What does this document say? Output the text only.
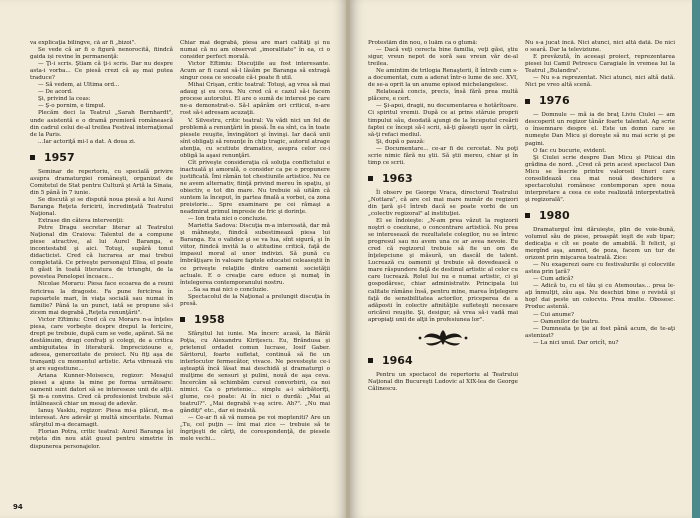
va explicaţia bilingve, că ar fi „bizoi".

Se vede că ar fi o figură nenorocită, fiindcă gaida iși revine în permanenţă:

— Ţi-i scris. Ştiam că ţi-i scris. Dar nu despre asta-i vorba... Ce piesă crezi că aş mai putea traduce?

— Să vedem, ai Ultima ord...

— De acord.

Şi, privind la ceas:

— Ş-o pornim, e timpul.

Plecăm deci la Teatrul „Sarah Bernhardt", unde asistentă e o dramă premieră românească din cadrul celui de-al treilea Festival internaţional de la Paris.

...Iar actoriţă mi-l a dat. A doua zi.

1957

Seminar de repertoriu, cu specială privire asupra dramaturgiei româneşti, organizat de Comitetul de Stat pentru Cultură şi Artă la Sinaia, din 5 până în 7 iunie.

Se discută şi se dispută noua piesă a lui Aurel Baranga Reţeta fericirii, încredinţată Teatrului Naţional.

Extrase din câteva intervenţii:

Petre Dragu secretar literar al Teatrului Naţional din Craiova: Talentul de a compune piese atractive, al lui Aurel Baranga, e incontestabil şi aici. Totuşi, supără tonul didacticist. Cred că lucrarea ar mai trebui completată. Ce priveşte personajul Elisa, el poate fi găsit în toată literatura de triunghi, de la povestea Penelopei încoace...

Nicolae Moraru: Piesa face ecoarea de a reuni fericirea la dragoste. Fa pune fericirea în rapoartele mari, în viaţa socială sau numai în familie? Până la un punct, iată se propune să-i zicem mai degrabă „Reţeta renunţării".

Victor Eftimiu: Cred că cu Moraru n-a înţeles piesa, care vorbeşte despre drepul la fericire, drept pe trebuie, după cum se vede, apărat. Să ne destăinuim, dragi confraţi şi colegi, de a critica ambiguitatea în literatură. Imprecizioune e, adesea, generozitate de proiect. Nu fiţi aşa de tranşanţi cu momentul artistic. Arta vibrează viu şi are sugestiune...

Ariana Kunner-Moisescu, regizor: Mesajul piesei a ajuns la mine pe forma următoare: oamenii sunt datori să se intereseze unii de alţii. Şi m-a convins. Cred că profesionist trebuie să-i întâlnească chiar un mesaj de adevăr.

Ianuş Vaskiu, regizor: Piesa mi-a plăcut, m-a interesat. Are adevăr şi multă sinceritate. Numai sfârşitul m-a decamagit.

Florian Potra, critic teatral: Aurel Baranga îşi reţeta din nou atât gusul pentru simetrie în dispunerea personajelor.

Chiar mai degrabă, piesa are mari calităţi şi nu numai că nu am observat „imoralitate" în ea, ci o consider perfect morală.

Victor Eftimiu: Discuţiile au fost interesante. Acum ar fi cazul să-l lăsăm pe Baranga să extragă singur ceea ce socoate că-i poate fi util.

Mihai Crişan, critic teatral: Totuşi, ag vrea să mai adaug şi eu ceva. Nu cred că e cazul să-i facem procese autorului. El are o sumă de interesi pe care ne-a demonstrat-o. Să-l apărăm ori criticul, n-are rost să-i adresam acuzaţii.

V. Silvestru, critic teatral: Va vădi nici un fel de problemă a renunţării în piesă. În ea sînt, ca în toate piesele reuşite, învingători şi învinşi. Iar dacă unii sînt obligaţi să renunţe în chip tragic, autorul atrage atenţia, cu scutiute dramatice, asupra celor ce-i obligă la aşasi renunţări.

Cît priveşte consideraţia că soluţia conflictului e inactuală şi amorală, o consider ca pe o propunere justificată. Îmi rămân tot chestiunile artistice. Nu ce ne avem alternativ, fiinţă privind mereu în spaţiu, şi obiectiv, e tot din mare. Nu trebuie să uităm că suntem la început, în partea finală a vorbei, ca zona preistorie... Spre examinare pe cei rămaşi a neadmirat primul impresie de fric şi dorinţe.

— Ion trata nici o concluzie.

Marietta Sadova: Discuţia m-a interesată, dar mă şi mâhneşte, fiindcă subestimează piesa lui Baranga. Eu o validez şi se va lua, sînt sigură, şi în viitor, fiindcă invită la o atitudine critică, faţă de impasul moral al unor indivizi. Să pună cu îmbrăţişare în valoare faptele educatei celeaseştii în ce priveşte relaţiile dintre oamenii societăţii actuale. E o creaţie care educe şi numaţ în întelegerea contemporanului nostru.

...Sa sa mai nici o concluzie.

Spectacolul de la Naţional a prelungit discuţia în presă.

1958

Sfârşitul lui iunie. Ma încerc acasă, la Bărăi Poţia, cu Alexandru Kiriţescu. Eu, Brăndusa şi prietenul ordadei comun lucrase, Iosif Gaber. Săritorul, foarte sufletat, continuă să fie un interlocutor fermecător, vivace. Ne povesteşte ce-i aşteaptă încă lăsat mai deschidă şi dramaturgi o mulţime de sensuri şi pulini, nouă de aşa ceva. Încercăm să schimbăm cursul convorbirii, ca noi nimici. Ca o prietenie... simplu a-i sărbătoriţi, glume, ce-i poate: Ai în nici o durdă: „Mai ai teatrul?". „Mai degrabă v-aş scire. Ah?". „Nu mai gândiţi" etc., dar ei insistă.

— Ce-ar fi să vă numea pe voi mopteniti? Are un „Tu, cel puţin — îmi mai zice — trebuie să te îngrijeşti de cărţi, de corespondenţă, de piesele mele vechi...

94

Protestăm din nou, o luăm ca o glumă:

— Dacă veţi cerecta bine familia, veţi găsi, ştiu sigur, vreun nepot de soră sau vreun văr de-al treilea.

Ne amintim de trilogia Renaşterii, îl întreb cum s-a documentat, cum a aderat într-o lume de sec. XVI, de se-a oprit la un anume episod michelangelesc.

Relatează concis, precis, însă fără prea multă plăcere, e cert.

— Şi-apoi, dragii, nu documentarea e hotărîtoare. Ci spiritul vremii. După ce ai prins stăruie proprii timpului său, deodată ajungi de la începutul creării faptei ce începi să-l scrii, să-ţi găseşti uşor în cărţi, să-ţi refaci mediul.

Şi, după o pauză:

— Documentare... ce-ar fi de cercetat. Nu poţi scrie nimic fără nu ştii. Să ştii mereu, chiar şi în timp ce scrii.

1963

Îl observ pe George Vraca, directorul Teatrului „Nottara", că are cel mai mare număr de regizori din ţară şi-l întreb dacă se poate vorbi de un „colectiv regizoral" al instituţiei.

El se îndoieşte: „N-am prea văzut la regizorii noştri o coeziune, o concentrare artistică. Nu prea se interesează de rezultatele colegilor, nu se întrec progresul sau nu avem una ce ar avea nevoie. Eu cred că regizorul trebuie să fie un om de înţelepciune şi măsură, un dascăl de talent. Lucrează cu oamenii şi trebuie să dovedească o mare răspundere faţă de destinul artistic al celor cu care lucrează. Rolul lui nu e numai artistic, ci şi gospodăresc, chiar administrativ. Principala lui calitate rămâne însă, pentru mine, marea înţelegere faţă de sensibilitatea actorilor, priceperea de a adăposti în colectiv afinităţile sufleteşti necesare oricărei reuşite. Şi, desigur, să vrea să-i vadă mai apropiaţi unii de alţii în profesiunea lor".

1964

Pentru un spectacol de repertoriu al Teatrului Naţional din Bucureşti Ludovic al XIX-lea de George Călinescu.

Nu s-a jucat încă. Nici atunci, nici altă dată. De nici o seară. Dar la televiziune.

E prevăzută, în aceeaşi proiect, reprezentarea piesei lui Camil Petrescu Caragiale în vremea lui la Teatrul „Bulandra".

— Nu s-a reprezentat. Nici atunci, nici altă dată. Nici pe vreo altă scenă.

1976

— Domnule — mă ia de braţ Liviu Ciulei — am descoperit un regizor tânăr foarte talentat. Ag scrie o însemnare despre el. Este un domn care se numeşte Dan Micu şi doreşte să nu mai scrie şi pe pagini.

O fac cu bucurie, evident.

Şi Ciulei scrie despre Dan Micu şi Ptiicai din grădina de nord. „Cred că prin acest spectacol Dan Micu se înscrie printre valorosii tineri care consolidează cea mai nouă deschidere a spectacolului românesc contemporan spre noua interpretare a ceea ce este realizată interpretativă şi regizorală".

1980

Dramaturgul îmi dăruieşte, plin de voie-bună, volumul său de piese, proaspăt ieşit de sub tipar; dedicaţia e cît se poate de amabilă. Îl felicit, şi mergînd aşa, anmnt, de poza, facem un tur de orizont prin mişcarea teatrală. Zice:

— Nu exagerezi oare cu festivalurile şi colocviile astea prin ţară?

— Cum adică?

— Adică tu, cu el tău şi cu Atemoutas... prea le-aţi înmulţit, zău aşa. Nu deschizi bine o revistă şi hop! dai peste un colocviu. Prea multe. Obosesc. Produc asteniă.

— Cui anume?

— Oamenilor de teatru.

— Dumneata ţe ţie ai fost până acum, de te-aţi astenizat?

— La nici unul. Dar oricît, nu?
